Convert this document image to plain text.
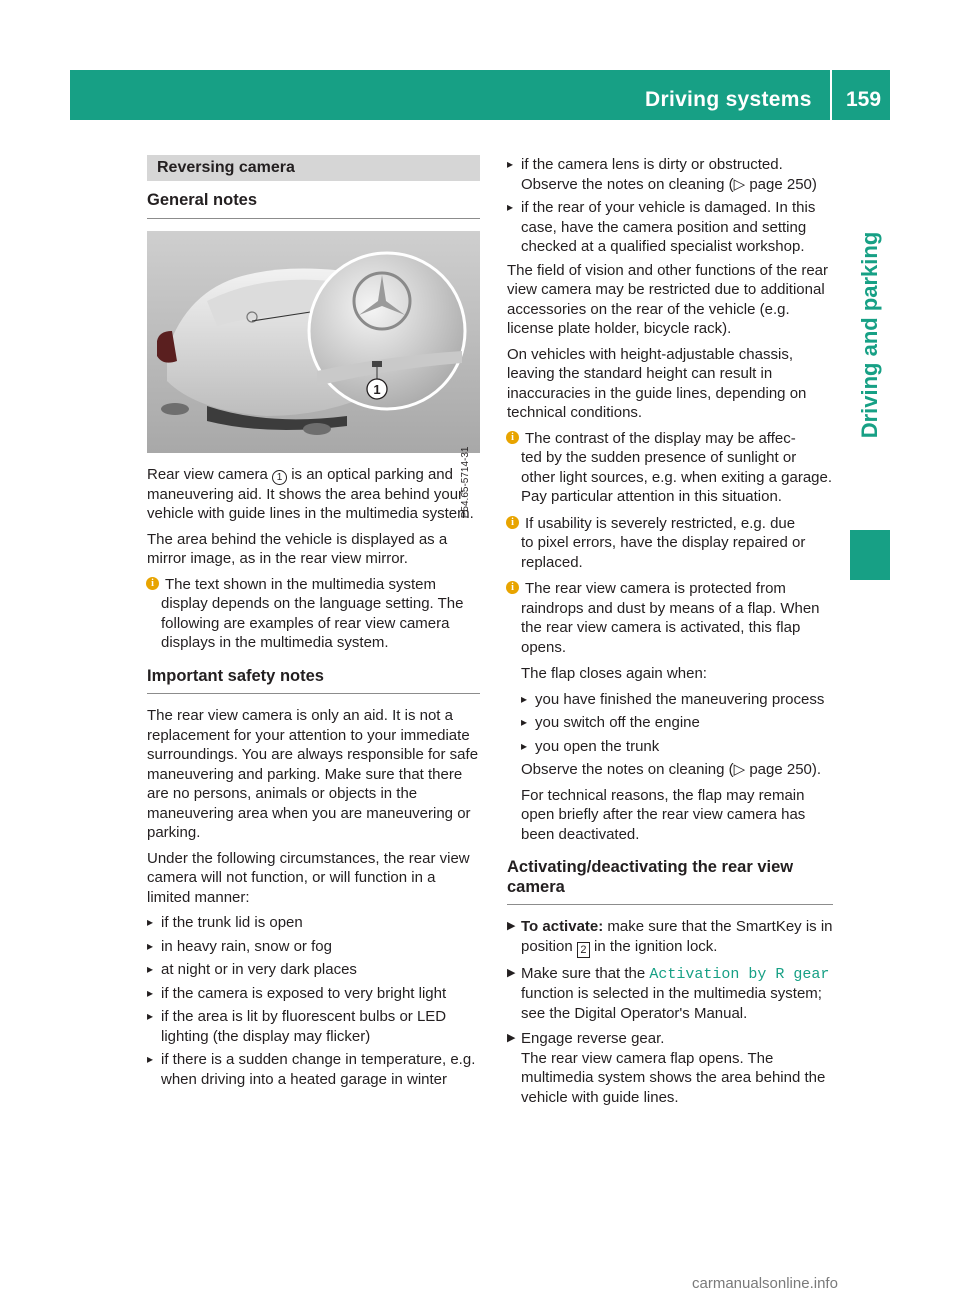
Driving systems 159
Driving and parking
Reversing camera
General notes
1
P54.65-5714-31

Rear view camera 1 is an optical parking and maneuvering aid. It shows the area behind your vehicle with guide lines in the multimedia system.

The area behind the vehicle is displayed as a mirror image, as in the rear view mirror.

i The text shown in the multimedia system
display depends on the language setting. The following are examples of rear view camera displays in the multimedia system.
Important safety notes

The rear view camera is only an aid. It is not a replacement for your attention to your immediate surroundings. You are always responsible for safe maneuvering and parking. Make sure that there are no persons, animals or objects in the maneuvering area when you are maneuvering or parking.

Under the following circumstances, the rear view camera will not function, or will function in a limited manner:

▸ if the trunk lid is open
▸ in heavy rain, snow or fog
▸ at night or in very dark places
▸ if the camera is exposed to very bright light
▸ if the area is lit by fluorescent bulbs or LED lighting (the display may flicker)
▸ if there is a sudden change in temperature, e.g. when driving into a heated garage in winter
▸ if the camera lens is dirty or obstructed. Observe the notes on cleaning (▷ page 250)
▸ if the rear of your vehicle is damaged. In this case, have the camera position and setting checked at a qualified specialist workshop.

The field of vision and other functions of the rear view camera may be restricted due to additional accessories on the rear of the vehicle (e.g. license plate holder, bicycle rack).

On vehicles with height-adjustable chassis, leaving the standard height can result in inaccuracies in the guide lines, depending on technical conditions.

i The contrast of the display may be affec-
ted by the sudden presence of sunlight or other light sources, e.g. when exiting a garage. Pay particular attention in this situation.
i If usability is severely restricted, e.g. due
to pixel errors, have the display repaired or replaced.
i The rear view camera is protected from
raindrops and dust by means of a flap. When the rear view camera is activated, this flap opens.

The flap closes again when:

▸ you have finished the maneuvering process
▸ you switch off the engine
▸ you open the trunk

Observe the notes on cleaning (▷ page 250).

For technical reasons, the flap may remain open briefly after the rear view camera has been deactivated.

Activating/deactivating the rear view camera
▶ To activate: make sure that the SmartKey is in position 2 in the ignition lock.
▶ Make sure that the Activation by R gear function is selected in the multimedia system; see the Digital Operator's Manual.
▶ Engage reverse gear.
The rear view camera flap opens. The multimedia system shows the area behind the vehicle with guide lines.
carmanualsonline.info
